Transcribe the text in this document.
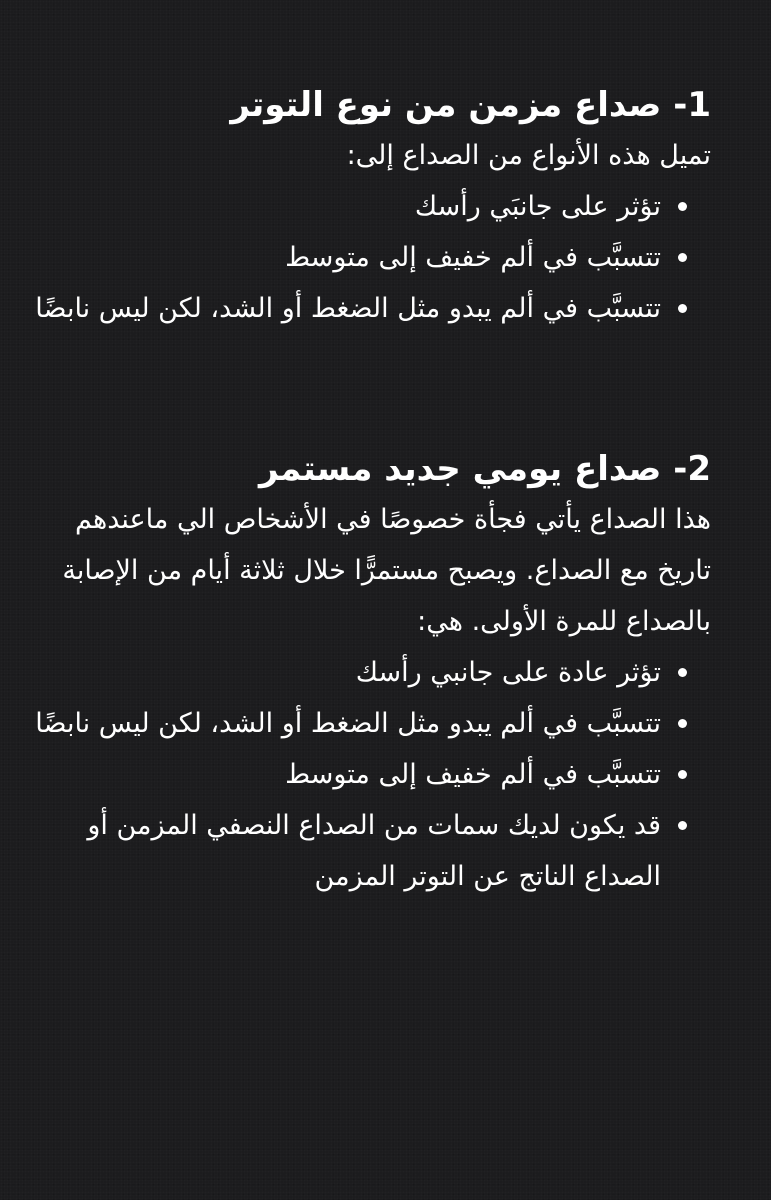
1- صداع مزمن من نوع التوتر

تميل هذه الأنواع من الصداع إلى:

تؤثر على جانبَي رأسك
تتسبَّب في ألم خفيف إلى متوسط
تتسبَّب في ألم يبدو مثل الضغط أو الشد، لكن ليس نابضًا
2- صداع يومي جديد مستمر

هذا الصداع يأتي فجأة خصوصًا في الأشخاص الي ماعندهم تاريخ مع الصداع. ويصبح مستمرًّا خلال ثلاثة أيام من الإصابة بالصداع للمرة الأولى. هي:

تؤثر عادة على جانبي رأسك
تتسبَّب في ألم يبدو مثل الضغط أو الشد، لكن ليس نابضًا
تتسبَّب في ألم خفيف إلى متوسط
قد يكون لديك سمات من الصداع النصفي المزمن أو الصداع الناتج عن التوتر المزمن
